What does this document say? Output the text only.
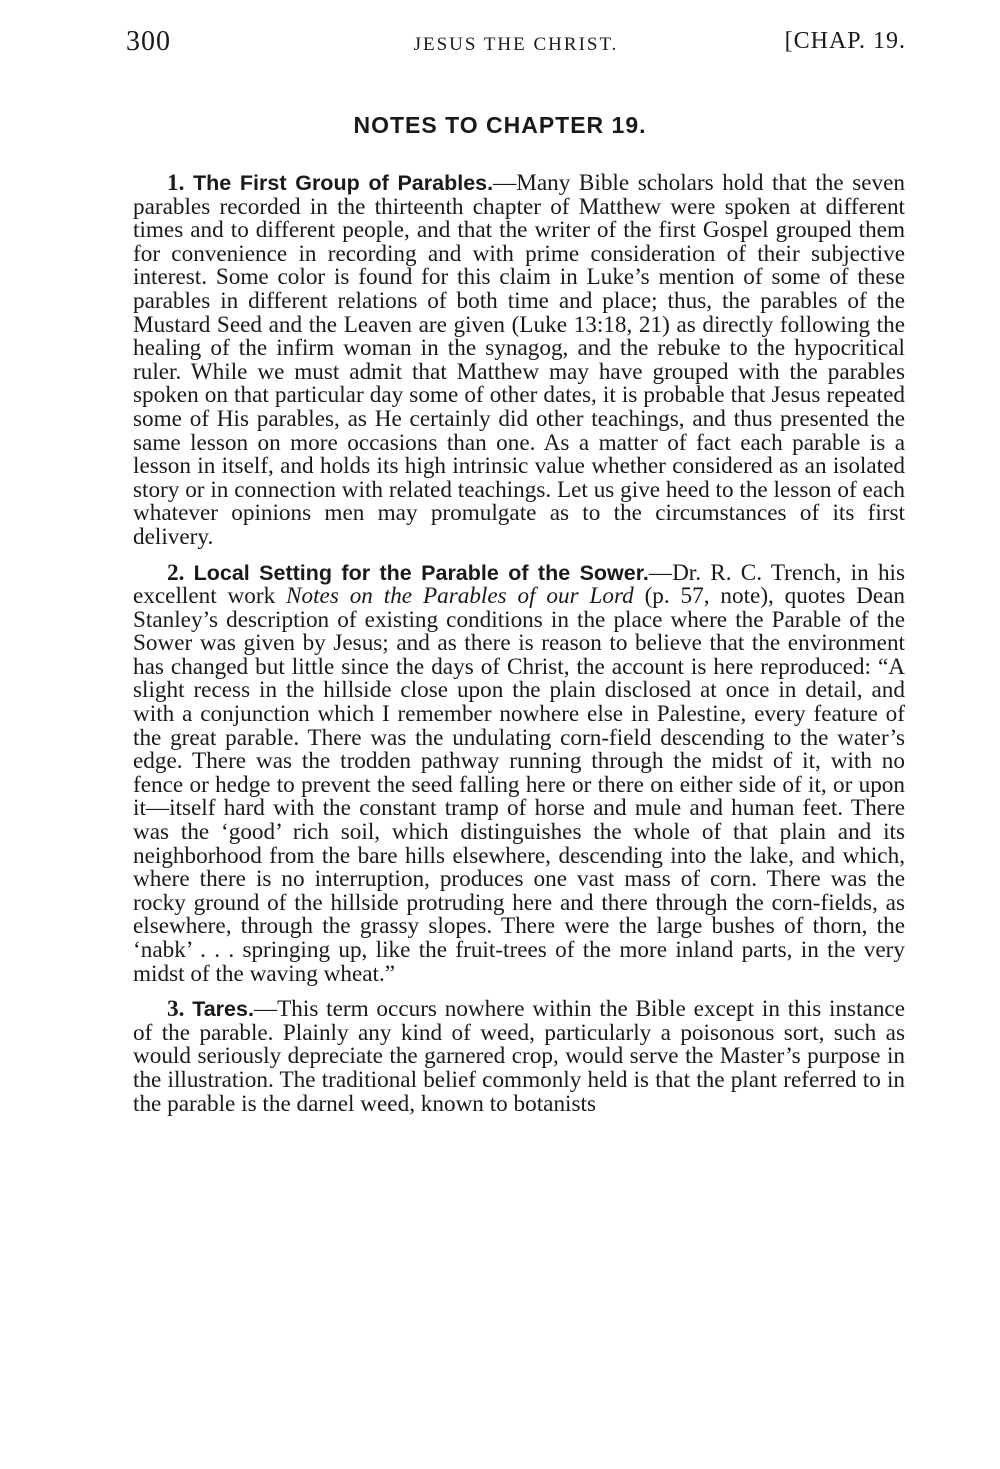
300	JESUS THE CHRIST.	[CHAP. 19.
NOTES TO CHAPTER 19.

1. The First Group of Parables.—Many Bible scholars hold that the seven parables recorded in the thirteenth chapter of Matthew were spoken at different times and to different people, and that the writer of the first Gospel grouped them for convenience in recording and with prime consideration of their subjective interest. Some color is found for this claim in Luke’s mention of some of these parables in different relations of both time and place; thus, the parables of the Mustard Seed and the Leaven are given (Luke 13:18, 21) as directly following the healing of the infirm woman in the synagog, and the rebuke to the hypocritical ruler. While we must admit that Matthew may have grouped with the parables spoken on that particular day some of other dates, it is probable that Jesus repeated some of His parables, as He certainly did other teachings, and thus presented the same lesson on more occasions than one. As a matter of fact each parable is a lesson in itself, and holds its high intrinsic value whether considered as an isolated story or in connection with related teachings. Let us give heed to the lesson of each whatever opinions men may promulgate as to the circumstances of its first delivery.

2. Local Setting for the Parable of the Sower.—Dr. R. C. Trench, in his excellent work Notes on the Parables of our Lord (p. 57, note), quotes Dean Stanley’s description of existing conditions in the place where the Parable of the Sower was given by Jesus; and as there is reason to believe that the environment has changed but little since the days of Christ, the account is here reproduced: “A slight recess in the hillside close upon the plain disclosed at once in detail, and with a conjunction which I remember nowhere else in Palestine, every feature of the great parable. There was the undulating corn-field descending to the water’s edge. There was the trodden pathway running through the midst of it, with no fence or hedge to prevent the seed falling here or there on either side of it, or upon it—itself hard with the constant tramp of horse and mule and human feet. There was the ‘good’ rich soil, which distinguishes the whole of that plain and its neighborhood from the bare hills elsewhere, descending into the lake, and which, where there is no interruption, produces one vast mass of corn. There was the rocky ground of the hillside protruding here and there through the corn-fields, as elsewhere, through the grassy slopes. There were the large bushes of thorn, the ‘nabk’ . . . springing up, like the fruit-trees of the more inland parts, in the very midst of the waving wheat.”

3. Tares.—This term occurs nowhere within the Bible except in this instance of the parable. Plainly any kind of weed, particularly a poisonous sort, such as would seriously depreciate the garnered crop, would serve the Master’s purpose in the illustration. The traditional belief commonly held is that the plant referred to in the parable is the darnel weed, known to botanists
